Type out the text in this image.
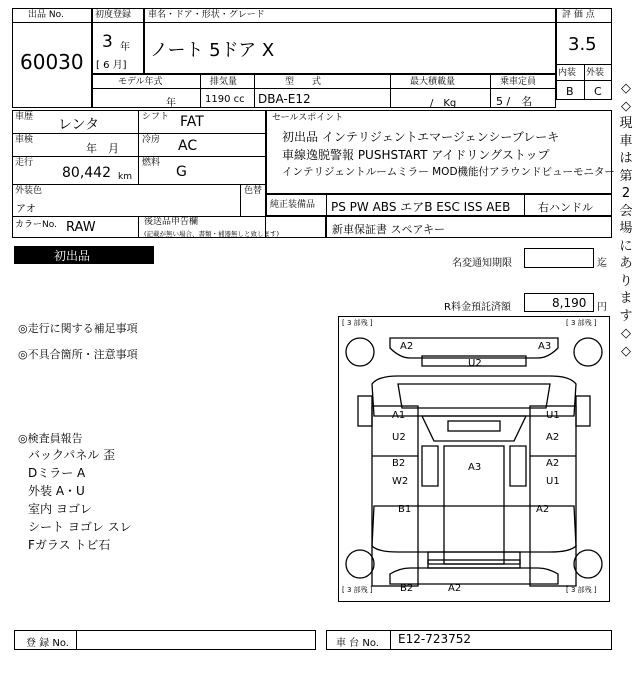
出品 No.
60030
初度登録
3 年
[ 6 月]
車名・ドア・形状・グレード
ノート 5ドア X
評 価 点
3.5
内装 外装
B C
モデル年式
年
排気量
1190 cc
型　　式
DBA-E12
最大積載量
/　Kg
乗車定員
5 /　名
車歴 レンタ	シフト FAT
車検
年　月
冷房 AC
走行
80,442 km
燃料
G
外装色
アオ
色替
カラーNo. RAW	後送品申告欄
(記載が無い場合、書類・補器無しと致します)
セールスポイント
初出品 インテリジェントエマージェンシーブレーキ
車線逸脱警報 PUSHSTART アイドリングストップ
インテリジェントルームミラー MOD機能付アラウンドビューモニター
純正装備品 PS PW ABS エアB ESC ISS AEB	右ハンドル
新車保証書 スペアキー
初出品
名変通知期限	迄
R料金預託済額	8,190 円
◎走行に関する補足事項
◎不具合箇所・注意事項
◎検査員報告
バックパネル 歪
Dミラー A
外装 A・U
室内 ヨゴレ
シート ヨゴレ スレ
Fガラス トビ石
[ 3 部残 ]	[ 3 部残 ]
[ 3 部残 ]	[ 3 部残 ]
A2	A3
U2
A1
U2
U1
A2
B2
W2
A3	A2
U1
B1	A2
B2	A2
登 録 No.	車 台 No. E12-723752
◇
◇
現
車
は
第
2
会
場
に
あ
り
ま
す
◇
◇
